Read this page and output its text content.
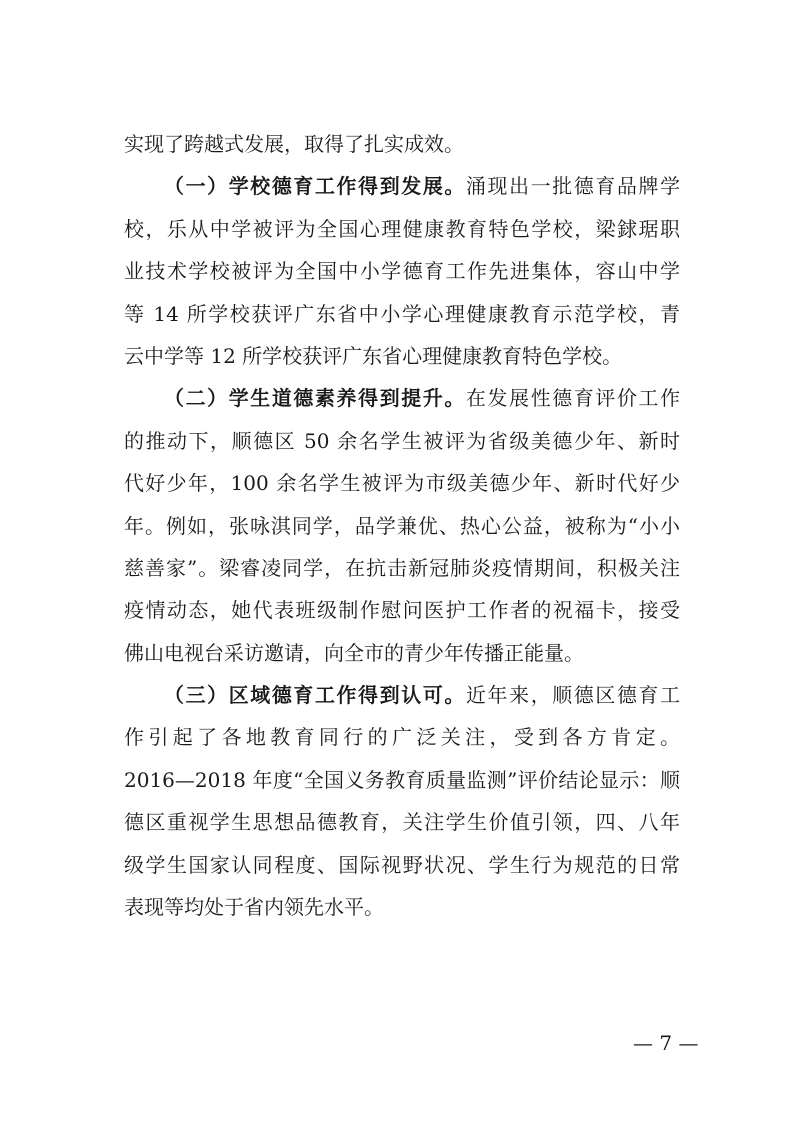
实现了跨越式发展，取得了扎实成效。
（一）学校德育工作得到发展。涌现出一批德育品牌学
校，乐从中学被评为全国心理健康教育特色学校，梁銶琚职
业技术学校被评为全国中小学德育工作先进集体，容山中学
等 14 所学校获评广东省中小学心理健康教育示范学校，青
云中学等 12 所学校获评广东省心理健康教育特色学校。
（二）学生道德素养得到提升。在发展性德育评价工作
的推动下，顺德区 50 余名学生被评为省级美德少年、新时
代好少年，100 余名学生被评为市级美德少年、新时代好少
年。例如，张咏淇同学，品学兼优、热心公益，被称为“小小
慈善家”。梁睿凌同学，在抗击新冠肺炎疫情期间，积极关注
疫情动态，她代表班级制作慰问医护工作者的祝福卡，接受
佛山电视台采访邀请，向全市的青少年传播正能量。
（三）区域德育工作得到认可。近年来，顺德区德育工
作引起了各地教育同行的广泛关注，受到各方肯定。
2016—2018 年度“全国义务教育质量监测”评价结论显示：顺
德区重视学生思想品德教育，关注学生价值引领，四、八年
级学生国家认同程度、国际视野状况、学生行为规范的日常
表现等均处于省内领先水平。
— 7 —
